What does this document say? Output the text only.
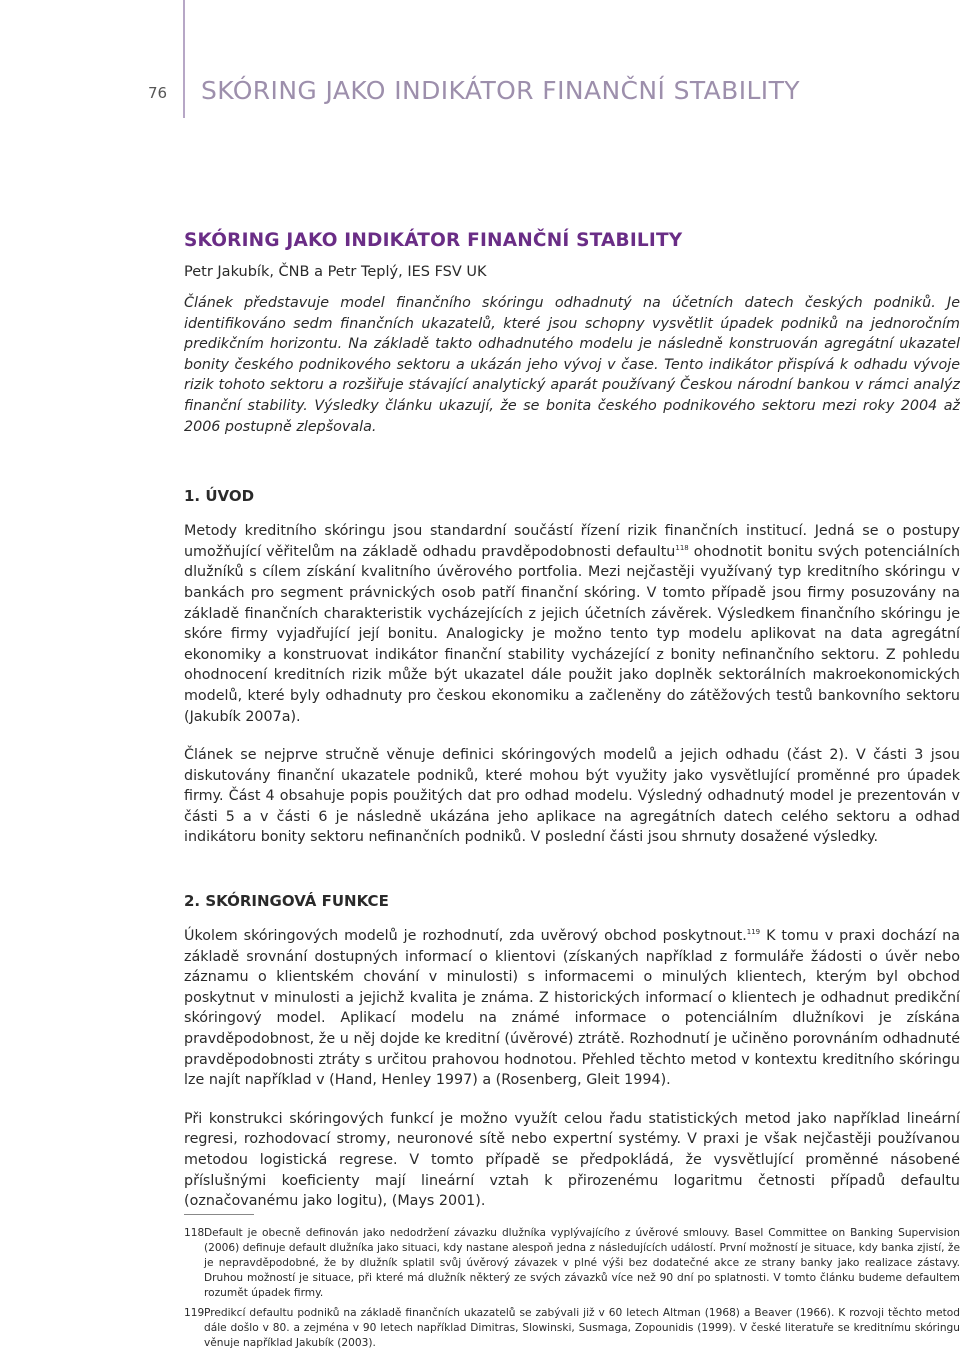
76 SKÓRING JAKO INDIKÁTOR FINANČNÍ STABILITY
SKÓRING JAKO INDIKÁTOR FINANČNÍ STABILITY

Petr Jakubík, ČNB a Petr Teplý, IES FSV UK

Článek představuje model finančního skóringu odhadnutý na účetních datech českých podniků. Je identifikováno sedm finančních ukazatelů, které jsou schopny vysvětlit úpadek podniků na jednoročním predikčním horizontu. Na základě takto odhadnutého modelu je následně konstruován agregátní ukazatel bonity českého podnikového sektoru a ukázán jeho vývoj v čase. Tento indikátor přispívá k odhadu vývoje rizik tohoto sektoru a rozšiřuje stávající analytický aparát používaný Českou národní bankou v rámci analýz finanční stability. Výsledky článku ukazují, že se bonita českého podnikového sektoru mezi roky 2004 až 2006 postupně zlepšovala.

1. ÚVOD

Metody kreditního skóringu jsou standardní součástí řízení rizik finančních institucí. Jedná se o postupy umožňující věřitelům na základě odhadu pravděpodobnosti defaultu$^{118}$ ohodnotit bonitu svých potenciálních dlužníků s cílem získání kvalitního úvěrového portfolia. Mezi nejčastěji využívaný typ kreditního skóringu v bankách pro segment právnických osob patří finanční skóring. V tomto případě jsou firmy posuzovány na základě finančních charakteristik vycházejících z jejich účetních závěrek. Výsledkem finančního skóringu je skóre firmy vyjadřující její bonitu. Analogicky je možno tento typ modelu aplikovat na data agregátní ekonomiky a konstruovat indikátor finanční stability vycházející z bonity nefinančního sektoru. Z pohledu ohodnocení kreditních rizik může být ukazatel dále použit jako doplněk sektorálních makroekonomických modelů, které byly odhadnuty pro českou ekonomiku a začleněny do zátěžových testů bankovního sektoru (Jakubík 2007a).

Článek se nejprve stručně věnuje definici skóringových modelů a jejich odhadu (část 2). V části 3 jsou diskutovány finanční ukazatele podniků, které mohou být využity jako vysvětlující proměnné pro úpadek firmy. Část 4 obsahuje popis použitých dat pro odhad modelu. Výsledný odhadnutý model je prezentován v části 5 a v části 6 je následně ukázána jeho aplikace na agregátních datech celého sektoru a odhad indikátoru bonity sektoru nefinančních podniků. V poslední části jsou shrnuty dosažené výsledky.

2. SKÓRINGOVÁ FUNKCE

Úkolem skóringových modelů je rozhodnutí, zda uvěrový obchod poskytnout.$^{119}$ K tomu v praxi dochází na základě srovnání dostupných informací o klientovi (získaných například z formuláře žádosti o úvěr nebo záznamu o klientském chování v minulosti) s informacemi o minulých klientech, kterým byl obchod poskytnut v minulosti a jejichž kvalita je známa. Z historických informací o klientech je odhadnut predikční skóringový model. Aplikací modelu na známé informace o potenciálním dlužníkovi je získána pravděpodobnost, že u něj dojde ke kreditní (úvěrové) ztrátě. Rozhodnutí je učiněno porovnáním odhadnuté pravděpodobnosti ztráty s určitou prahovou hodnotou. Přehled těchto metod v kontextu kreditního skóringu lze najít například v (Hand, Henley 1997) a (Rosenberg, Gleit 1994).

Při konstrukci skóringových funkcí je možno využít celou řadu statistických metod jako například lineární regresi, rozhodovací stromy, neuronové sítě nebo expertní systémy. V praxi je však nejčastěji používanou metodou logistická regrese. V tomto případě se předpokládá, že vysvětlující proměnné násobené příslušnými koeficienty mají lineární vztah k přirozenému logaritmu četnosti případů defaultu (označovanému jako logitu), (Mays 2001).

118 Default je obecně definován jako nedodržení závazku dlužníka vyplývajícího z úvěrové smlouvy. Basel Committee on Banking Supervision (2006) definuje default dlužníka jako situaci, kdy nastane alespoň jedna z následujících událostí. První možností je situace, kdy banka zjistí, že je nepravděpodobné, že by dlužník splatil svůj úvěrový závazek v plné výši bez dodatečné akce ze strany banky jako realizace zástavy. Druhou možností je situace, při které má dlužník některý ze svých závazků více než 90 dní po splatnosti. V tomto článku budeme defaultem rozumět úpadek firmy.
119 Predikcí defaultu podniků na základě finančních ukazatelů se zabývali již v 60 letech Altman (1968) a Beaver (1966). K rozvoji těchto metod dále došlo v 80. a zejména v 90 letech například Dimitras, Slowinski, Susmaga, Zopounidis (1999). V české literatuře se kreditnímu skóringu věnuje například Jakubík (2003).
